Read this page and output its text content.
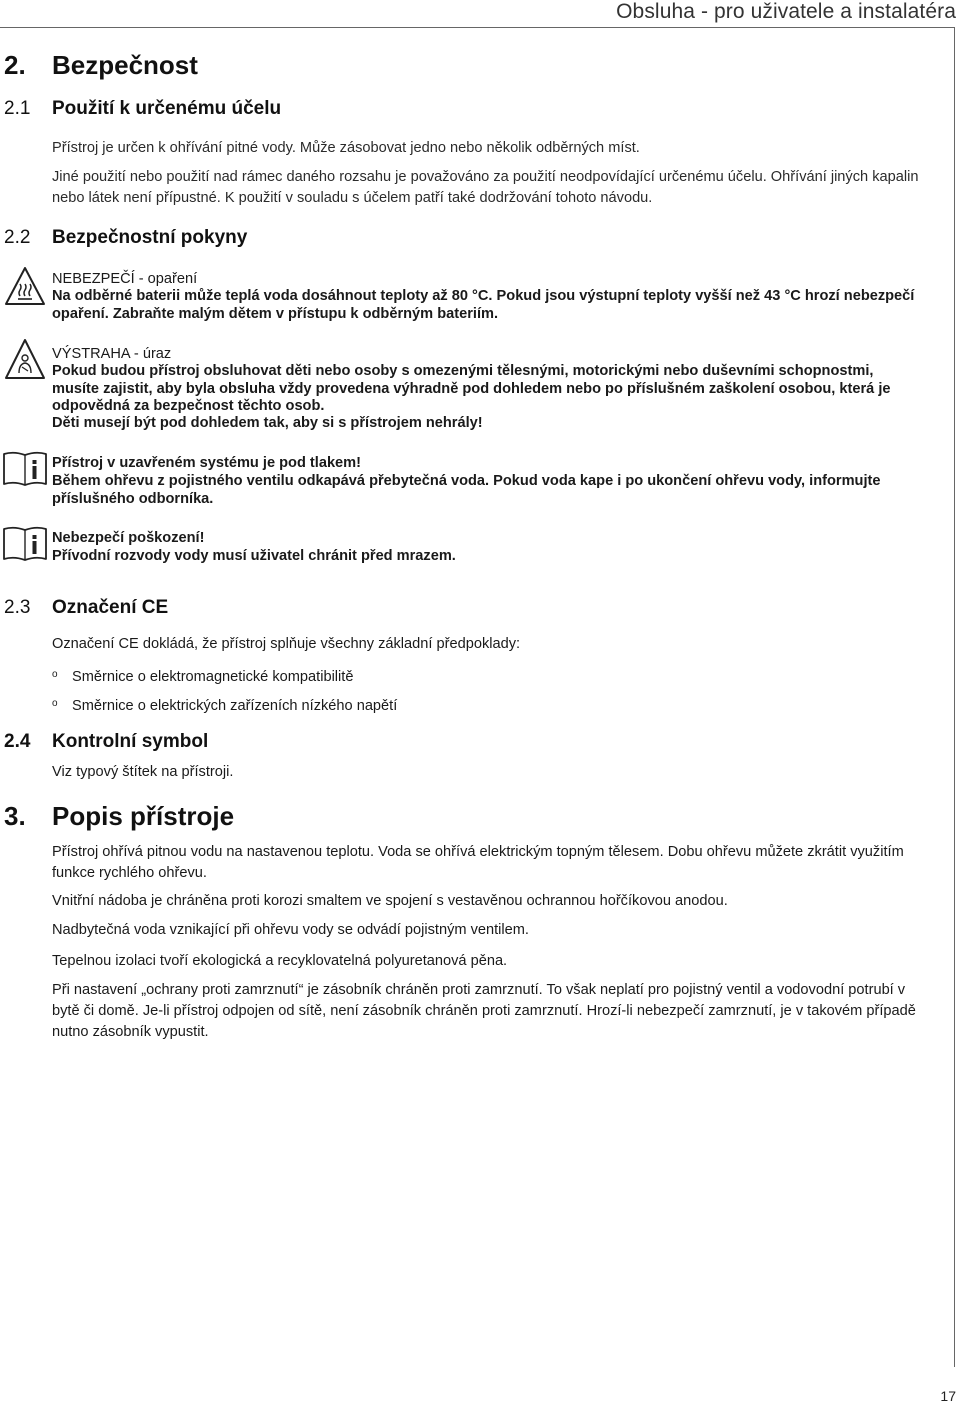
Obsluha - pro uživatele a instalatéra
2. Bezpečnost
2.1 Použití k určenému účelu
Přístroj je určen k ohřívání pitné vody. Může zásobovat jedno nebo několik odběrných míst.
Jiné použití nebo použití nad rámec daného rozsahu je považováno za použití neodpovídající určenému účelu. Ohřívání jiných kapalin nebo látek není přípustné. K použití v souladu s účelem patří také dodržování tohoto návodu.
2.2 Bezpečnostní pokyny
NEBEZPEČÍ - opaření
Na odběrné baterii může teplá voda dosáhnout teploty až 80 °C. Pokud jsou výstupní teploty vyšší než 43 °C hrozí nebezpečí opaření. Zabraňte malým dětem v přístupu k odběrným bateriím.
VÝSTRAHA - úraz
Pokud budou přístroj obsluhovat děti nebo osoby s omezenými tělesnými, motorickými nebo duševními schopnostmi, musíte zajistit, aby byla obsluha vždy provedena výhradně pod dohledem nebo po příslušném zaškolení osobou, která je odpovědná za bezpečnost těchto osob.
Děti musejí být pod dohledem tak, aby si s přístrojem nehrály!
Přístroj v uzavřeném systému je pod tlakem!
Během ohřevu z pojistného ventilu odkapává přebytečná voda. Pokud voda kape i po ukončení ohřevu vody, informujte příslušného odborníka.
Nebezpečí poškození!
Přívodní rozvody vody musí uživatel chránit před mrazem.
2.3 Označení CE
Označení CE dokládá, že přístroj splňuje všechny základní předpoklady:
o Směrnice o elektromagnetické kompatibilitě
o Směrnice o elektrických zařízeních nízkého napětí
2.4 Kontrolní symbol
Viz typový štítek na přístroji.
3. Popis přístroje
Přístroj ohřívá pitnou vodu na nastavenou teplotu. Voda se ohřívá elektrickým topným tělesem. Dobu ohřevu můžete zkrátit využitím funkce rychlého ohřevu.
Vnitřní nádoba je chráněna proti korozi smaltem ve spojení s vestavěnou ochrannou hořčíkovou anodou.
Nadbytečná voda vznikající při ohřevu vody se odvádí pojistným ventilem.
Tepelnou izolaci tvoří ekologická a recyklovatelná polyuretanová pěna.
Při nastavení „ochrany proti zamrznutí“ je zásobník chráněn proti zamrznutí. To však neplatí pro pojistný ventil a vodovodní potrubí v bytě či domě. Je-li přístroj odpojen od sítě, není zásobník chráněn proti zamrznutí. Hrozí-li nebezpečí zamrznutí, je v takovém případě nutno zásobník vypustit.
17
